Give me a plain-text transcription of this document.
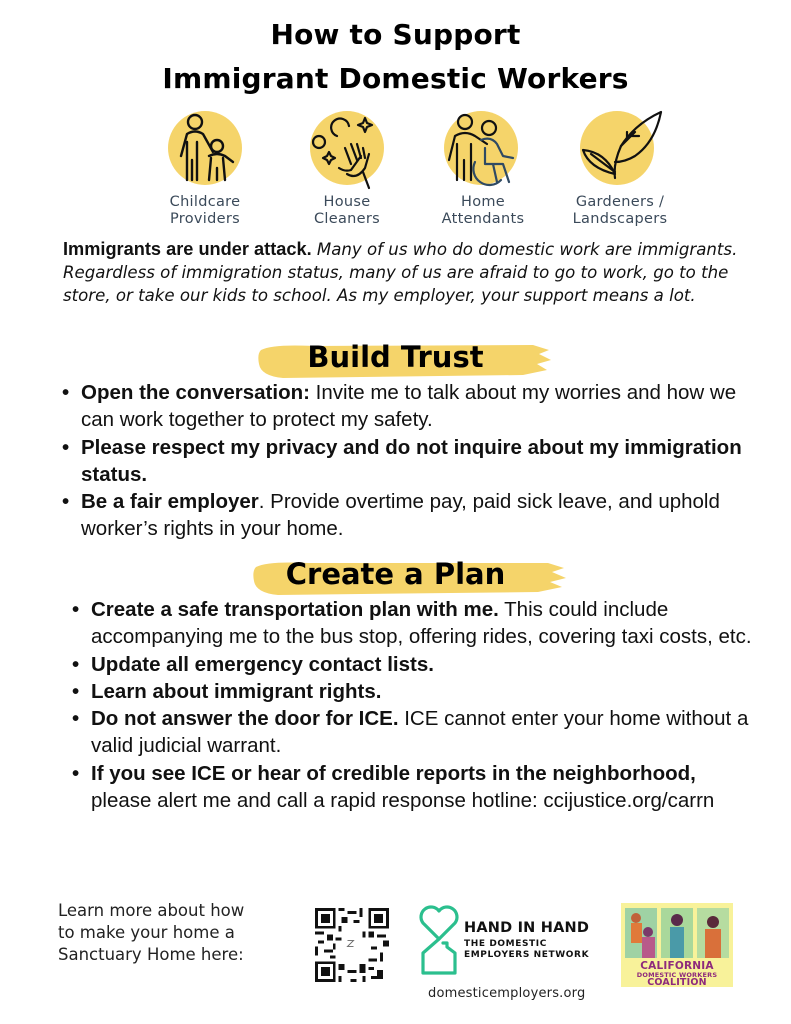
How to Support
Immigrant Domestic Workers
Childcare
Providers
House
Cleaners
Home
Attendants
Gardeners /
Landscapers
Immigrants are under attack. Many of us who do domestic work are immigrants. Regardless of immigration status, many of us are afraid to go to work, go to the store, or take our kids to school. As my employer, your support means a lot.
Build Trust
• Open the conversation: Invite me to talk about my worries and how we can work together to protect my safety.
• Please respect my privacy and do not inquire about my immigration status.
• Be a fair employer. Provide overtime pay, paid sick leave, and uphold worker’s rights in your home.
Create a Plan
• Create a safe transportation plan with me. This could include accompanying me to the bus stop, offering rides, covering taxi costs, etc.
• Update all emergency contact lists.
• Learn about immigrant rights.
• Do not answer the door for ICE. ICE cannot enter your home without a valid judicial warrant.
• If you see ICE or hear of credible reports in the neighborhood, please alert me and call a rapid response hotline: ccijustice.org/carrn
Learn more about how
to make your home a
Sanctuary Home here:
HAND IN HAND
THE DOMESTIC
EMPLOYERS NETWORK
domesticemployers.org
CALIFORNIA
DOMESTIC WORKERS
COALITION
